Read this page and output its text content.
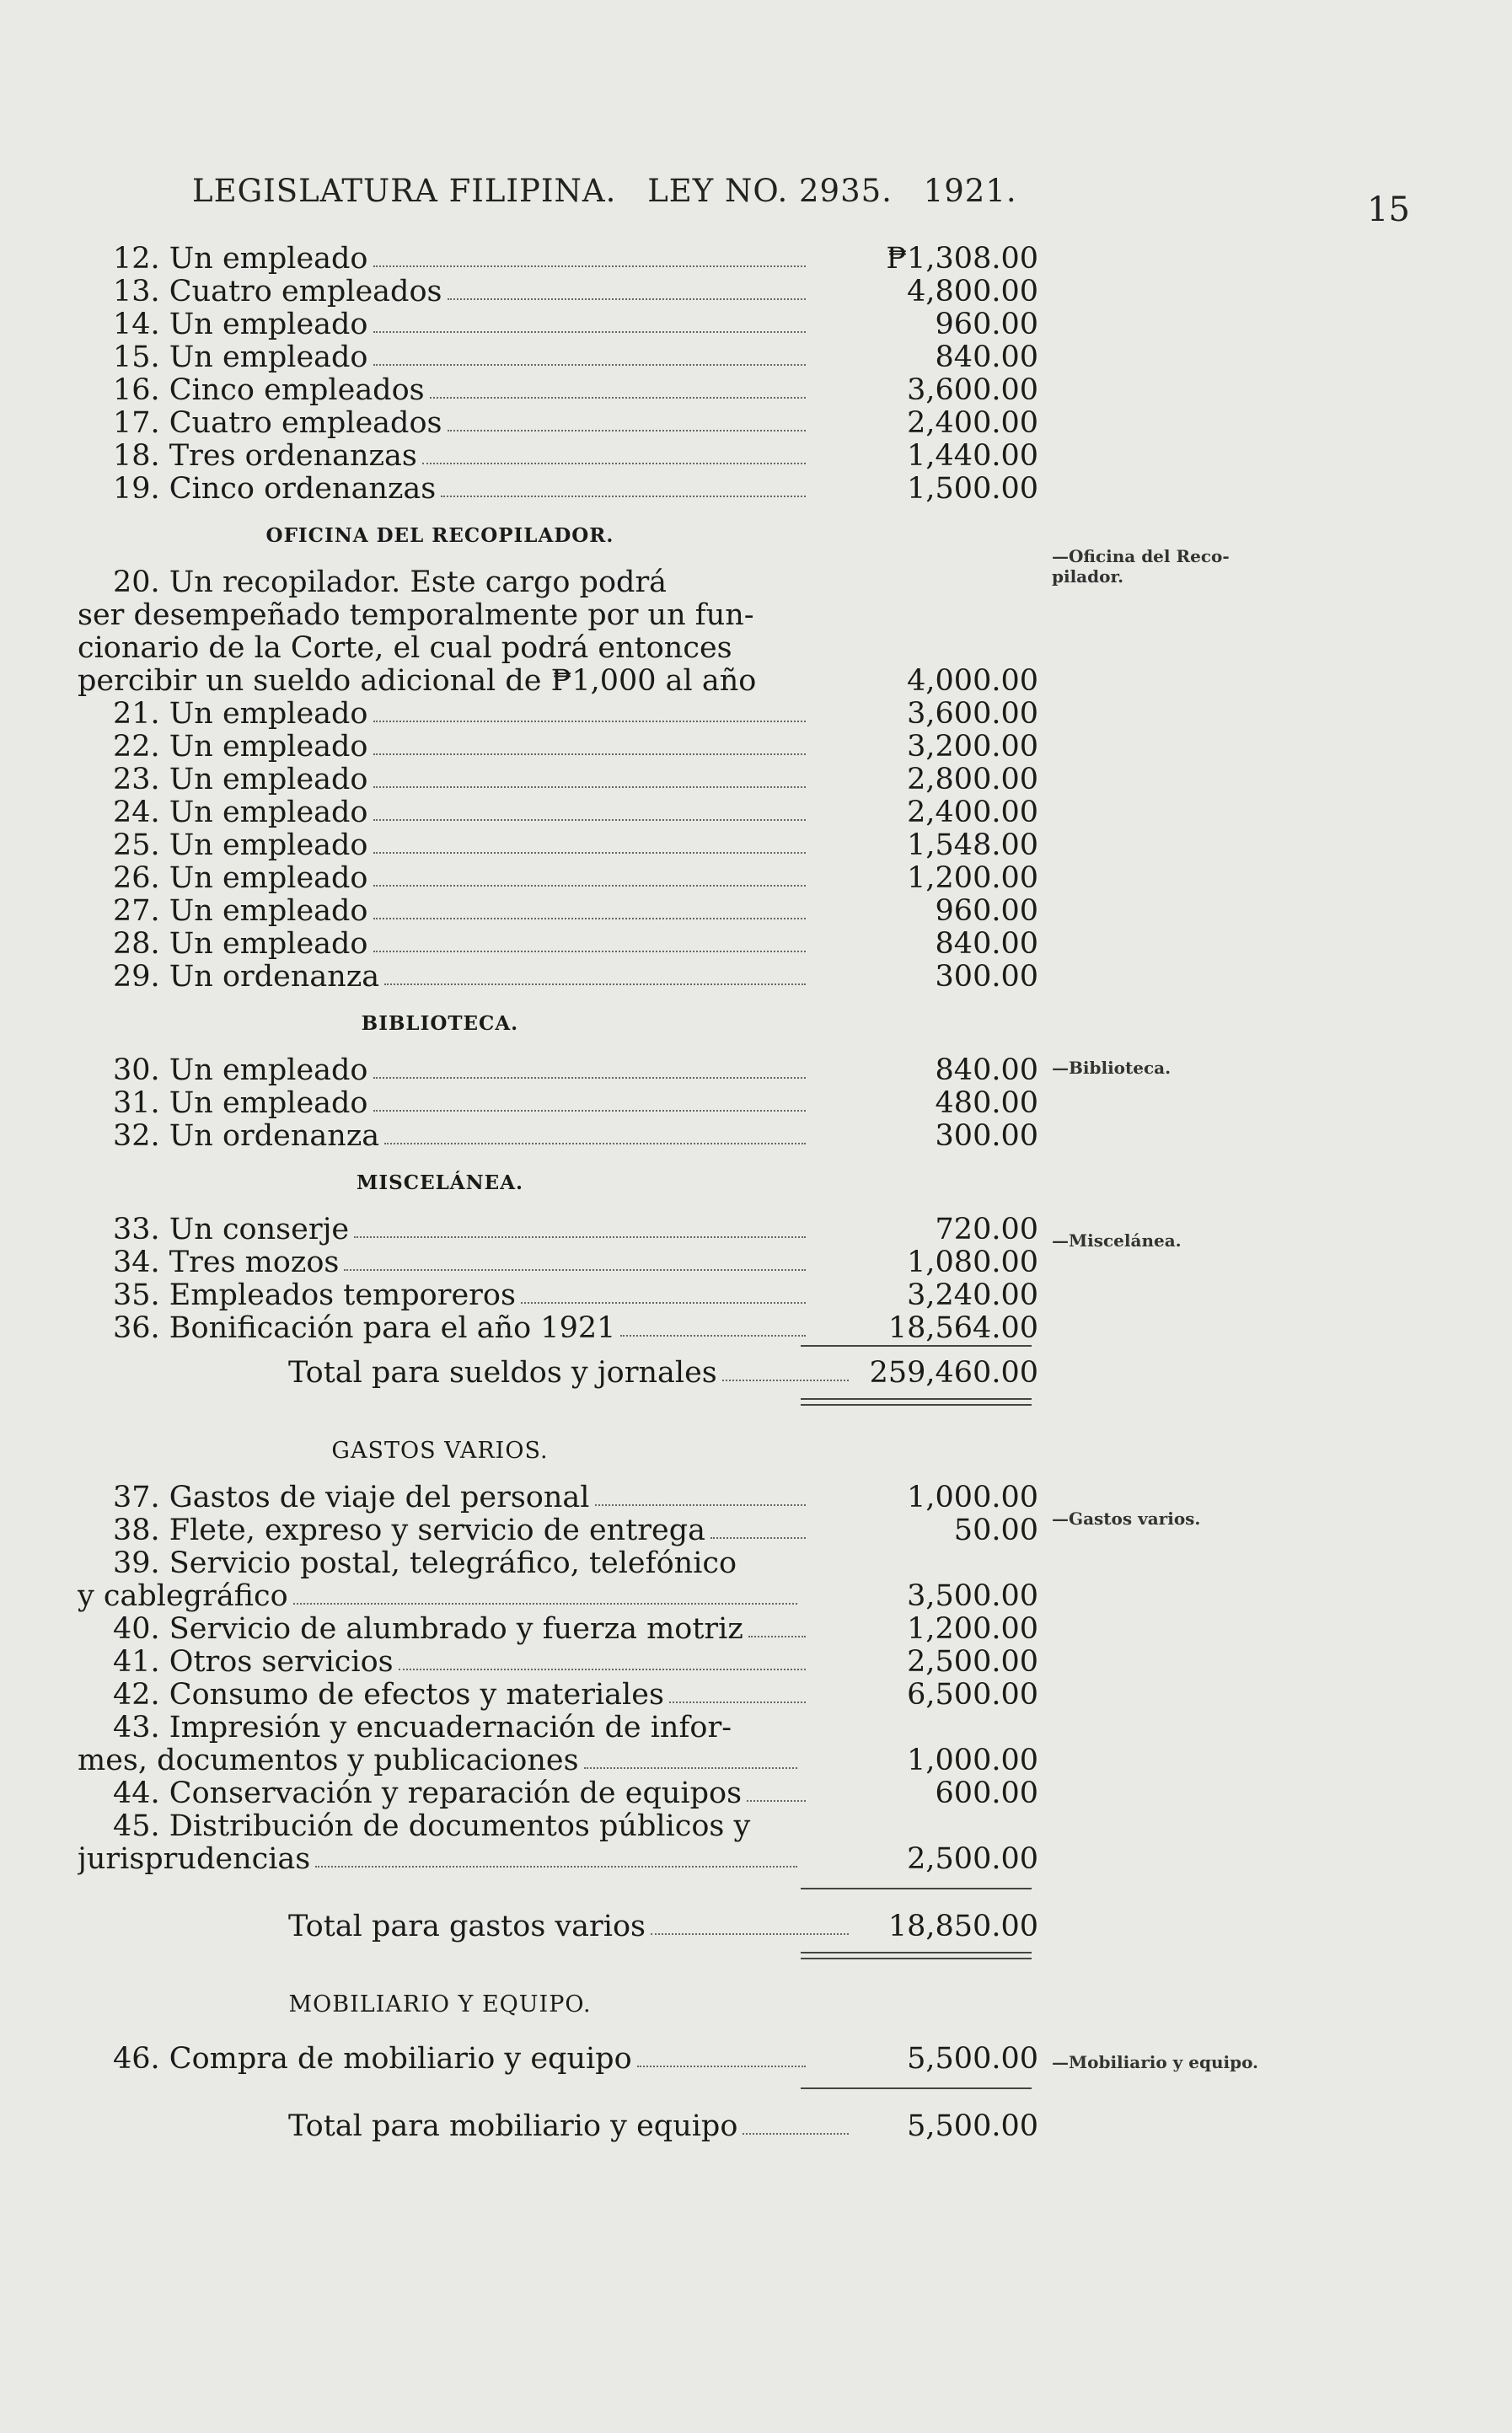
LEGISLATURA FILIPINA. LEY NO. 2935. 1921.	15
12. Un empleado	₱1,308.00
13. Cuatro empleados	4,800.00
14. Un empleado	960.00
15. Un empleado	840.00
16. Cinco empleados	3,600.00
17. Cuatro empleados	2,400.00
18. Tres ordenanzas	1,440.00
19. Cinco ordenanzas	1,500.00
OFICINA DEL RECOPILADOR.
20. Un recopilador. Este cargo podrá
ser desempeñado temporalmente por un fun-
cionario de la Corte, el cual podrá entonces
percibir un sueldo adicional de ₱1,000 al año	4,000.00
21. Un empleado	3,600.00
22. Un empleado	3,200.00
23. Un empleado	2,800.00
24. Un empleado	2,400.00
25. Un empleado	1,548.00
26. Un empleado	1,200.00
27. Un empleado	960.00
28. Un empleado	840.00
29. Un ordenanza	300.00
BIBLIOTECA.
30. Un empleado	840.00
31. Un empleado	480.00
32. Un ordenanza	300.00
MISCELÁNEA.
33. Un conserje	720.00
34. Tres mozos	1,080.00
35. Empleados temporeros	3,240.00
36. Bonificación para el año 1921	18,564.00
Total para sueldos y jornales	259,460.00
GASTOS VARIOS.
37. Gastos de viaje del personal	1,000.00
38. Flete, expreso y servicio de entrega	50.00
39. Servicio postal, telegráfico, telefónico
y cablegráfico	3,500.00
40. Servicio de alumbrado y fuerza motriz	1,200.00
41. Otros servicios	2,500.00
42. Consumo de efectos y materiales	6,500.00
43. Impresión y encuadernación de infor-
mes, documentos y publicaciones	1,000.00
44. Conservación y reparación de equipos	600.00
45. Distribución de documentos públicos y
jurisprudencias	2,500.00
Total para gastos varios	18,850.00
MOBILIARIO Y EQUIPO.
46. Compra de mobiliario y equipo	5,500.00
Total para mobiliario y equipo	5,500.00
—Oficina del Reco-
pilador.
—Biblioteca.
—Miscelánea.
—Gastos varios.
—Mobiliario y equipo.
